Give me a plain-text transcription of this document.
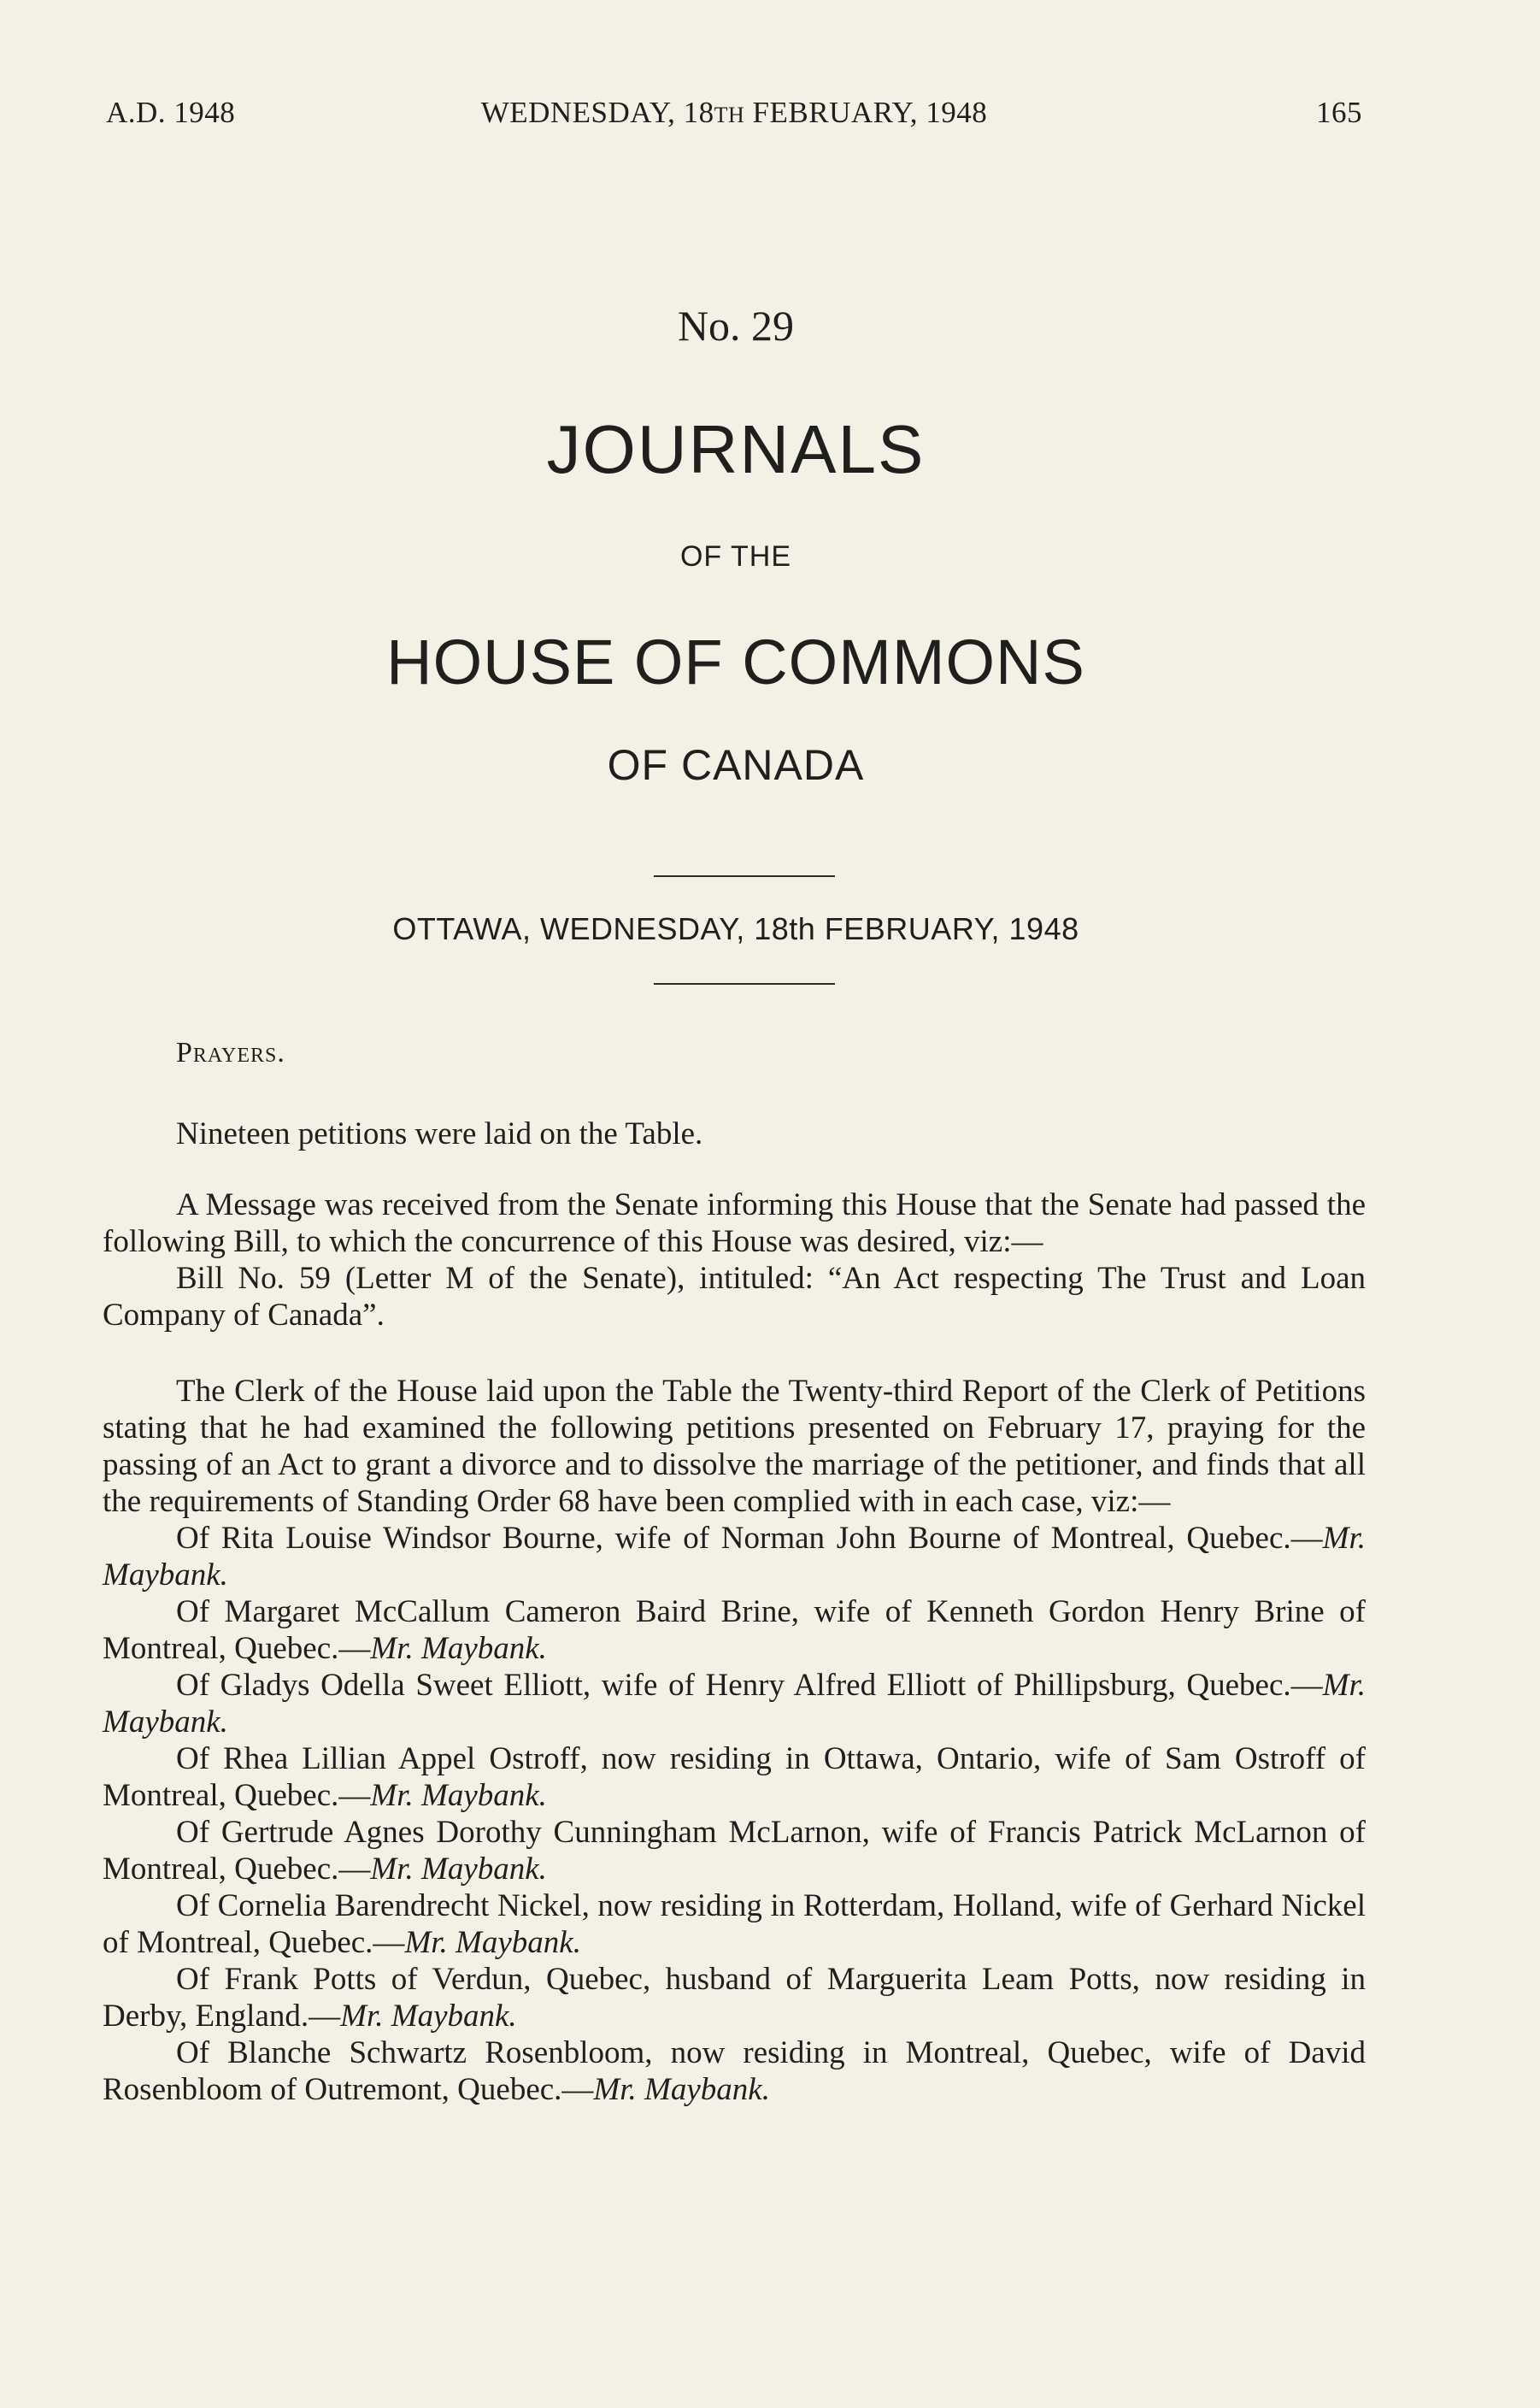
A.D. 1948	WEDNESDAY, 18TH FEBRUARY, 1948	165
No. 29
JOURNALS
OF THE
HOUSE OF COMMONS
OF CANADA
OTTAWA, WEDNESDAY, 18th FEBRUARY, 1948

Prayers.

Nineteen petitions were laid on the Table.

A Message was received from the Senate informing this House that the Senate had passed the following Bill, to which the concurrence of this House was desired, viz:—

Bill No. 59 (Letter M of the Senate), intituled: “An Act respecting The Trust and Loan Company of Canada”.

The Clerk of the House laid upon the Table the Twenty-third Report of the Clerk of Petitions stating that he had examined the following petitions presented on February 17, praying for the passing of an Act to grant a divorce and to dissolve the marriage of the petitioner, and finds that all the requirements of Standing Order 68 have been complied with in each case, viz:—

Of Rita Louise Windsor Bourne, wife of Norman John Bourne of Montreal, Quebec.—Mr. Maybank.

Of Margaret McCallum Cameron Baird Brine, wife of Kenneth Gordon Henry Brine of Montreal, Quebec.—Mr. Maybank.

Of Gladys Odella Sweet Elliott, wife of Henry Alfred Elliott of Phillipsburg, Quebec.—Mr. Maybank.

Of Rhea Lillian Appel Ostroff, now residing in Ottawa, Ontario, wife of Sam Ostroff of Montreal, Quebec.—Mr. Maybank.

Of Gertrude Agnes Dorothy Cunningham McLarnon, wife of Francis Patrick McLarnon of Montreal, Quebec.—Mr. Maybank.

Of Cornelia Barendrecht Nickel, now residing in Rotterdam, Holland, wife of Gerhard Nickel of Montreal, Quebec.—Mr. Maybank.

Of Frank Potts of Verdun, Quebec, husband of Marguerita Leam Potts, now residing in Derby, England.—Mr. Maybank.

Of Blanche Schwartz Rosenbloom, now residing in Montreal, Quebec, wife of David Rosenbloom of Outremont, Quebec.—Mr. Maybank.
